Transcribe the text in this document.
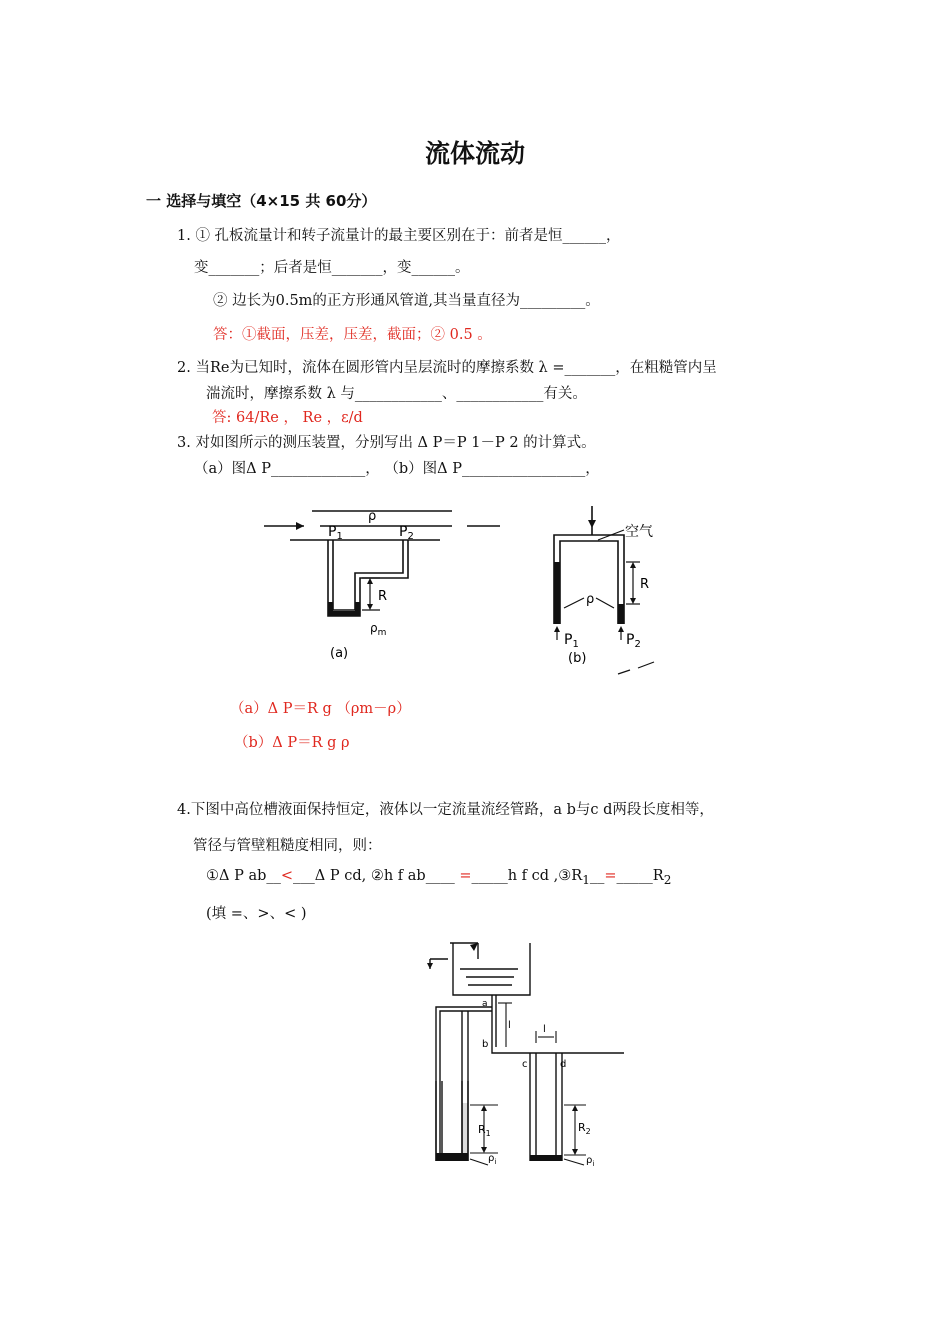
流体流动
一 选择与填空（4×15 共 60分）
1. ① 孔板流量计和转子流量计的最主要区别在于：前者是恒______，
变_______；后者是恒_______，变______。
② 边长为0.5m的正方形通风管道,其当量直径为_________。
答：①截面，压差，压差，截面；② 0.5 。
2. 当Re为已知时，流体在圆形管内呈层流时的摩擦系数 λ =_______，在粗糙管内呈
湍流时，摩擦系数 λ 与____________、____________有关。
答: 64/Re ， Re ，ε/d
3. 对如图所示的测压装置，分别写出 Δ P＝P 1－P 2 的计算式。
（a）图Δ P_____________， （b）图Δ P_________________，
$P_1$
ρ
$P_2$
R
$\rho_m$
(a)
空气
R
ρ
$P_1$	$P_2$
(b)
（a）Δ P＝R g （ρm－ρ）
（b）Δ P＝R g ρ
4.下图中高位槽液面保持恒定，液体以一定流量流经管路，a b与c d两段长度相等，
管径与管壁粗糙度相同，则：
①Δ P ab__<___Δ P cd, ②h f ab____ =_____h f cd $,③R_1\_\_=\_\_\_\_\_R_2$
(填 =、>、< )
a
b
c	d
l	l
$R_1$	$R_2$
$\rho_i$	$\rho_i$
